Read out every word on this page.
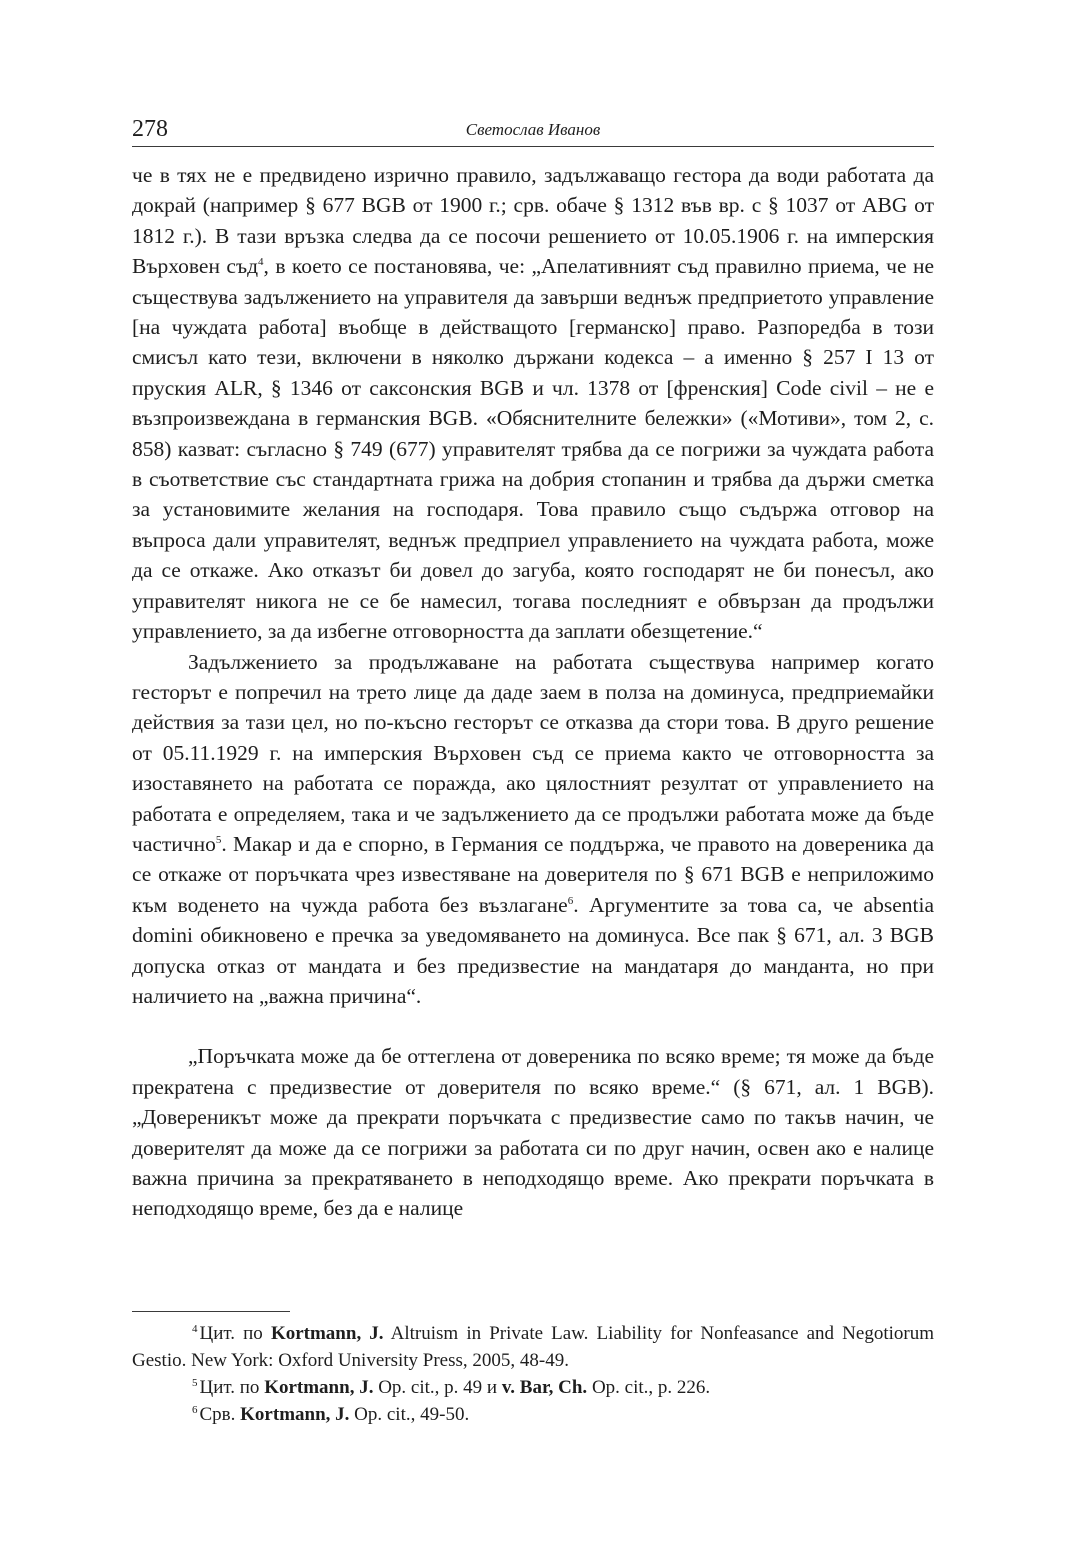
278	Светослав Иванов

че в тях не е предвидено изрично правило, задължаващо гестора да води работата да докрай (например § 677 BGB от 1900 г.; срв. обаче § 1312 във вр. с § 1037 от ABG от 1812 г.). В тази връзка следва да се посочи решението от 10.05.1906 г. на имперския Върховен съд$^4$, в което се постановява, че: „Апелативният съд правилно приема, че не съществува задължението на управителя да завърши веднъж предприетото управление [на чуждата работа] въобще в действащото [германско] право. Разпоредба в този смисъл като тези, включени в няколко държани кодекса – а именно § 257 I 13 от пруския ALR, § 1346 от саксонския BGB и чл. 1378 от [френския] Code civil – не е възпроизвеждана в германския BGB. «Обяснителните бележки» («Мотиви», том 2, с. 858) казват: съгласно § 749 (677) управителят трябва да се погрижи за чуждата работа в съответствие със стандартната грижа на добрия стопанин и трябва да държи сметка за установимите желания на господаря. Това правило също съдържа отговор на въпроса дали управителят, веднъж предприел управлението на чуждата работа, може да се откаже. Ако отказът би довел до загуба, която господарят не би понесъл, ако управителят никога не се бе намесил, тогава последният е обвързан да продължи управлението, за да избегне отговорността да заплати обезщетение.“

Задължението за продължаване на работата съществува например когато гесторът е попречил на трето лице да даде заем в полза на доминуса, предприемайки действия за тази цел, но по-късно гесторът се отказва да стори това. В друго решение от 05.11.1929 г. на имперския Върховен съд се приема както че отговорността за изоставянето на работата се поражда, ако цялостният резултат от управлението на работата е определяем, така и че задължението да се продължи работата може да бъде частично$^5$. Макар и да е спорно, в Германия се поддържа, че правото на довереника да се откаже от поръчката чрез известяване на доверителя по § 671 BGB е неприложимо към воденето на чужда работа без възлагане$^6$. Аргументите за това са, че absentia domini обикновено е пречка за уведомяването на доминуса. Все пак § 671, ал. 3 BGB допуска отказ от мандата и без предизвестие на мандатаря до манданта, но при наличието на „важна причина“.

„Поръчката може да бе оттеглена от довереника по всяко време; тя може да бъде прекратена с предизвестие от доверителя по всяко време.“ (§ 671, ал. 1 BGB). „Довереникът може да прекрати поръчката с предизвестие само по такъв начин, че доверителят да може да се погрижи за работата си по друг начин, освен ако е налице важна причина за прекратяването в неподходящо време. Ако прекрати поръчката в неподходящо време, без да е налице

$^4$ Цит. по Kortmann, J. Altruism in Private Law. Liability for Nonfeasance and Negotiorum Gestio. New York: Oxford University Press, 2005, 48-49.

$^5$ Цит. по Kortmann, J. Op. cit., p. 49 и v. Bar, Ch. Op. cit., p. 226.

$^6$ Срв. Kortmann, J. Op. cit., 49-50.
